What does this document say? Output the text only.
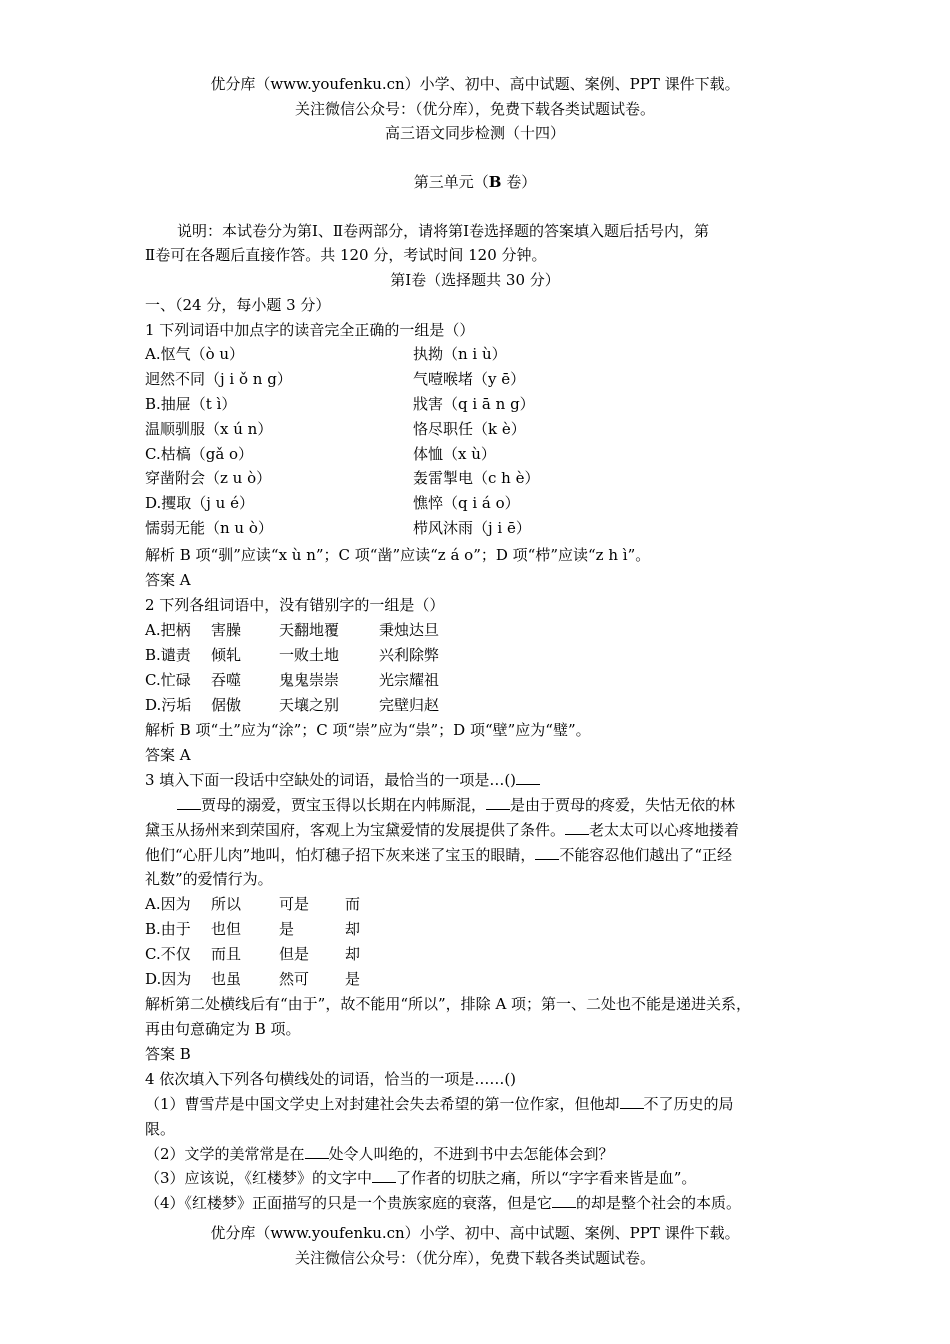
优分库（www.youfenku.cn）小学、初中、高中试题、案例、PPT 课件下载。
关注微信公众号：（优分库），免费下载各类试题试卷。
高三语文同步检测（十四）
第三单元（B 卷）
说明：本试卷分为第Ⅰ、Ⅱ卷两部分，请将第Ⅰ卷选择题的答案填入题后括号内，第
Ⅱ卷可在各题后直接作答。共 120 分，考试时间 120 分钟。
第Ⅰ卷（选择题共 30 分）
一、（24 分，每小题 3 分）
1 下列词语中加点字的读音完全正确的一组是（）
A.怄气（ò u）	执拗（n i ù）
迥然不同（j i ǒ n g）	气噎喉堵（y ē）
B.抽屉（t ì）	戕害（q i ā n g）
温顺驯服（x ú n）	恪尽职任（k è）
C.枯槁（gǎ o）	体恤（x ù）
穿凿附会（z u ò）	轰雷掣电（c h è）
D.攫取（j u é）	憔悴（q i á o）
懦弱无能（n u ò）	栉风沐雨（j i ē）
解析 B 项“驯”应读“x ù n”；C 项“凿”应读“z á o”；D 项“栉”应读“z h ì”。
答案 A
2 下列各组词语中，没有错别字的一组是（）
A.把柄 害臊	天翻地覆	秉烛达旦
B.谴责 倾轧	一败土地	兴利除弊
C.忙碌 吞噬	鬼鬼崇崇	光宗耀祖
D.污垢 倨傲	天壤之别	完壁归赵
解析 B 项“土”应为“涂”；C 项“崇”应为“祟”；D 项“壁”应为“璧”。
答案 A
3 填入下面一段话中空缺处的词语，最恰当的一项是…()
贾母的溺爱，贾宝玉得以长期在内帏厮混， 是由于贾母的疼爱，失怙无依的林
黛玉从扬州来到荣国府，客观上为宝黛爱情的发展提供了条件。 老太太可以心疼地搂着
他们“心肝儿肉”地叫，怕灯穗子招下灰来迷了宝玉的眼睛， 不能容忍他们越出了“正经
礼数”的爱情行为。
A.因为 所以	可是 而
B.由于 也但	是	却
C.不仅 而且	但是 却
D.因为 也虽	然可 是
解析第二处横线后有“由于”，故不能用“所以”，排除 A 项；第一、二处也不能是递进关系，
再由句意确定为 B 项。
答案 B
4 依次填入下列各句横线处的词语，恰当的一项是……()
（1）曹雪芹是中国文学史上对封建社会失去希望的第一位作家，但他却 不了历史的局
限。
（2）文学的美常常是在 处令人叫绝的，不进到书中去怎能体会到？
（3）应该说，《红楼梦》的文字中 了作者的切肤之痛，所以“字字看来皆是血”。
（4）《红楼梦》正面描写的只是一个贵族家庭的衰落，但是它 的却是整个社会的本质。
优分库（www.youfenku.cn）小学、初中、高中试题、案例、PPT 课件下载。
关注微信公众号：（优分库），免费下载各类试题试卷。
